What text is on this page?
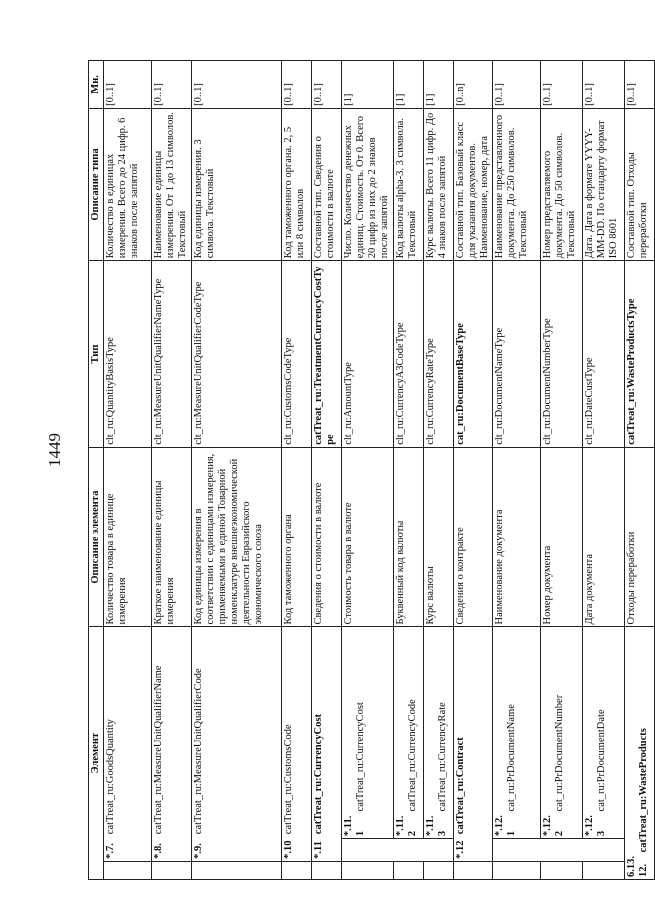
1449
Элемент			Описание элемента	Тип	Описание типа	Мн.
	*.7. catTreat_ru:GoodsQuantity		Количество товара в единице измерения	clt_ru:QuantityBasisType	Количество в единицах измерения. Всего до 24 цифр. 6 знаков после запятой	[0..1]
	*.8. catTreat_ru:MeasureUnitQualifierName		Краткое наименование единицы измерения	clt_ru:MeasureUnitQualifierNameType	Наименование единицы измерения. От 1 до 13 символов. Текстовый	[0..1]
	*.9. catTreat_ru:MeasureUnitQualifierCode		Код единицы измерения в соответствии с единицами измерения, применяемыми в единой Товарной номенклатуре внешнеэкономической деятельности Евразийского экономического союза	clt_ru:MeasureUnitQualifierCodeType	Код единицы измерения. 3 символа. Текстовый	[0..1]
	*.10 catTreat_ru:CustomsCode		Код таможенного органа	clt_ru:CustomsCodeType	Код таможенного органа. 2, 5 или 8 символов	[0..1]
	*.11 catTreat_ru:CurrencyCost		Сведения о стоимости в валюте	catTreat_ru:TreatmentCurrencyCostType	Составной тип. Сведения о стоимости в валюте	[0..1]
		*.11.1 catTreat_ru:CurrencyCost	Стоимость товара в валюте	clt_ru:AmountType	Число. Количество денежных единиц. Стоимость. От 0. Всего 20 цифр из них до 2 знаков после запятой	[1]
		*.11.2 catTreat_ru:CurrencyCode	Буквенный код валюты	clt_ru:CurrencyA3CodeType	Код валюты alpha-3. 3 символа. Текстовый	[1]
		*.11.3 catTreat_ru:CurrencyRate	Курс валюты	clt_ru:CurrencyRateType	Курс валюты. Всего 11 цифр. До 4 знаков после запятой	[1]
	*.12 catTreat_ru:Contract		Сведения о контракте	cat_ru:DocumentBaseType	Составной тип. Базовый класс для указания документов. Наименование, номер, дата	[0..n]
		*.12.1 cat_ru:PrDocumentName	Наименование документа	clt_ru:DocumentNameType	Наименование представленного документа. До 250 символов. Текстовый	[0..1]
		*.12.2 cat_ru:PrDocumentNumber	Номер документа	clt_ru:DocumentNumberType	Номер представляемого документа. До 50 символов. Текстовый	[0..1]
		*.12.3 cat_ru:PrDocumentDate	Дата документа	clt_ru:DateCustType	Дата. Дата в формате YYYY-MM-DD. По стандарту формат ISO 8601	[0..1]
6.13.12. catTreat_ru:WasteProducts			Отходы переработки	catTreat_ru:WasteProductsType	Составной тип. Отходы переработки	[0..1]
